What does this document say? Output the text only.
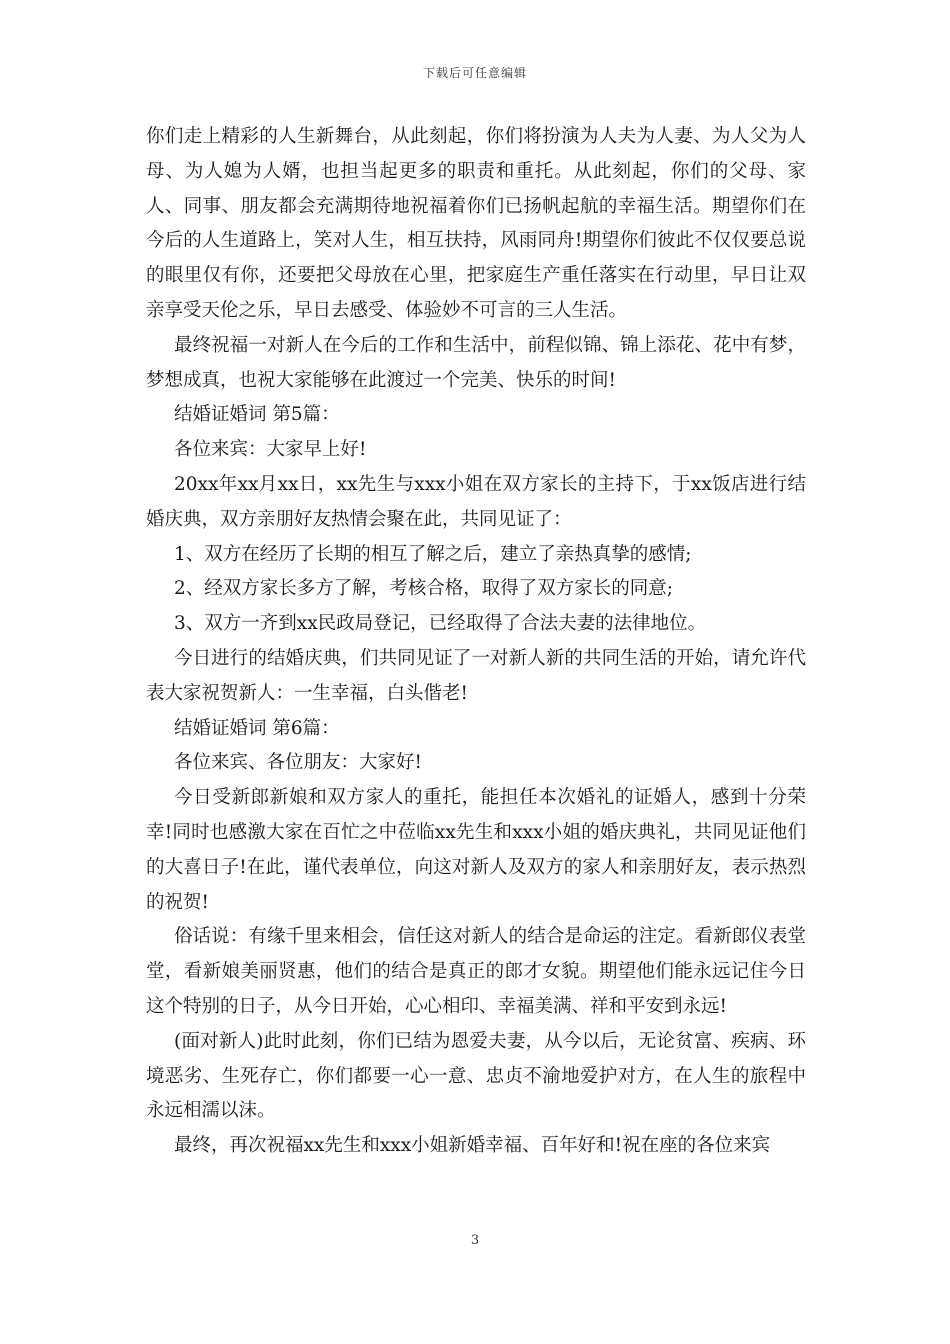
下载后可任意编辑

你们走上精彩的人生新舞台，从此刻起，你们将扮演为人夫为人妻、为人父为人母、为人媳为人婿，也担当起更多的职责和重托。从此刻起，你们的父母、家人、同事、朋友都会充满期待地祝福着你们已扬帆起航的幸福生活。期望你们在今后的人生道路上，笑对人生，相互扶持，风雨同舟!期望你们彼此不仅仅要总说的眼里仅有你，还要把父母放在心里，把家庭生产重任落实在行动里，早日让双亲享受天伦之乐，早日去感受、体验妙不可言的三人生活。

最终祝福一对新人在今后的工作和生活中，前程似锦、锦上添花、花中有梦，梦想成真，也祝大家能够在此渡过一个完美、快乐的时间!

结婚证婚词 第5篇：

各位来宾：大家早上好!

20xx年xx月xx日，xx先生与xxx小姐在双方家长的主持下，于xx饭店进行结婚庆典，双方亲朋好友热情会聚在此，共同见证了：

1、双方在经历了长期的相互了解之后，建立了亲热真挚的感情;

2、经双方家长多方了解，考核合格，取得了双方家长的同意;

3、双方一齐到xx民政局登记，已经取得了合法夫妻的法律地位。

今日进行的结婚庆典，们共同见证了一对新人新的共同生活的开始，请允许代表大家祝贺新人：一生幸福，白头偕老!

结婚证婚词 第6篇：

各位来宾、各位朋友：大家好!

今日受新郎新娘和双方家人的重托，能担任本次婚礼的证婚人，感到十分荣幸!同时也感激大家在百忙之中莅临xx先生和xxx小姐的婚庆典礼，共同见证他们的大喜日子!在此，谨代表单位，向这对新人及双方的家人和亲朋好友，表示热烈的祝贺!

俗话说：有缘千里来相会，信任这对新人的结合是命运的注定。看新郎仪表堂堂，看新娘美丽贤惠，他们的结合是真正的郎才女貌。期望他们能永远记住今日这个特别的日子，从今日开始，心心相印、幸福美满、祥和平安到永远!

(面对新人)此时此刻，你们已结为恩爱夫妻，从今以后，无论贫富、疾病、环境恶劣、生死存亡，你们都要一心一意、忠贞不渝地爱护对方，在人生的旅程中永远相濡以沫。

最终，再次祝福xx先生和xxx小姐新婚幸福、百年好和!祝在座的各位来宾

3
